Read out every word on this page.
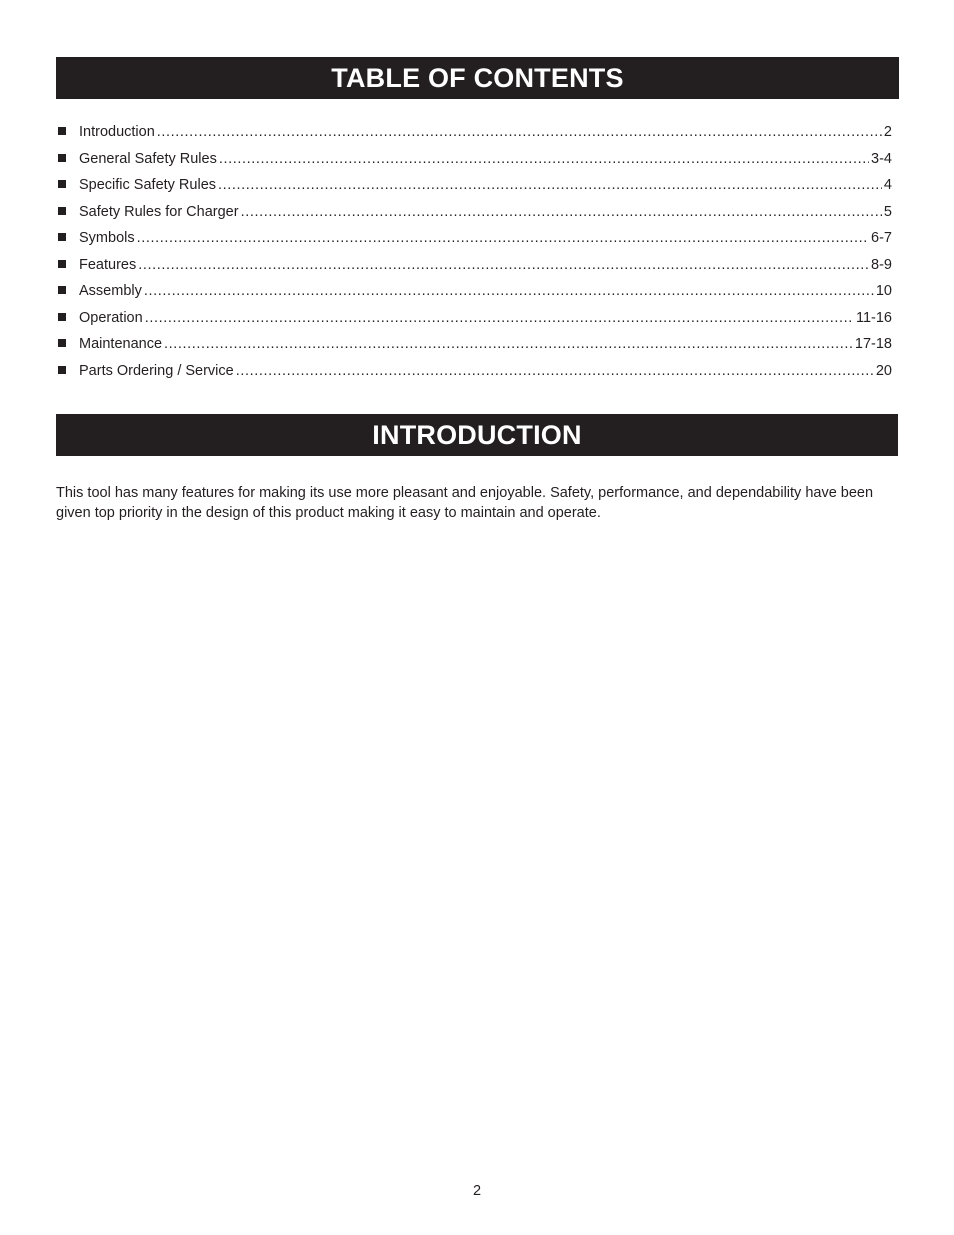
TABLE OF CONTENTS
Introduction .....	2
General Safety Rules .....	3-4
Specific Safety Rules .....	4
Safety Rules for Charger .....	5
Symbols .....	6-7
Features .....	8-9
Assembly .....	10
Operation .....	11-16
Maintenance .....	17-18
Parts Ordering / Service .....	20
INTRODUCTION

This tool has many features for making its use more pleasant and enjoyable. Safety, performance, and dependability have been given top priority in the design of this product making it easy to maintain and operate.

2
